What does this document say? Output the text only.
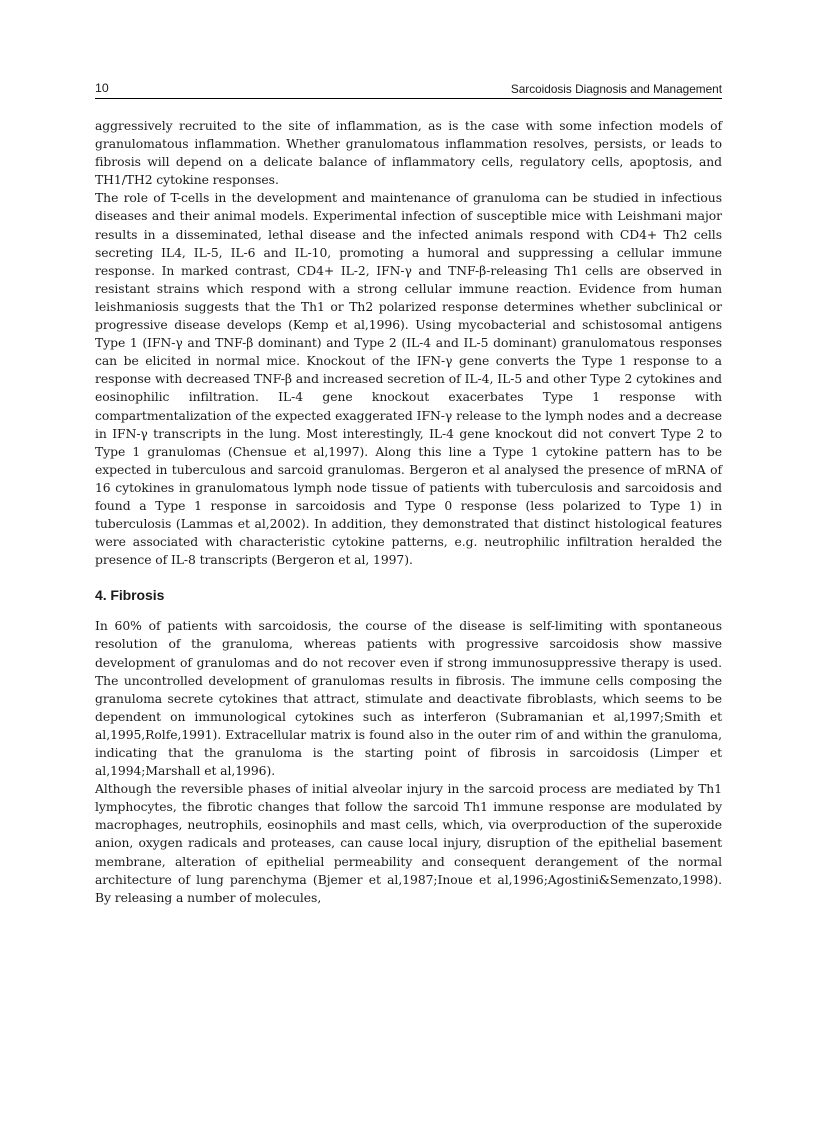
10	Sarcoidosis Diagnosis and Management

aggressively recruited to the site of inflammation, as is the case with some infection models of granulomatous inflammation. Whether granulomatous inflammation resolves, persists, or leads to fibrosis will depend on a delicate balance of inflammatory cells, regulatory cells, apoptosis, and TH1/TH2 cytokine responses.

The role of T-cells in the development and maintenance of granuloma can be studied in infectious diseases and their animal models. Experimental infection of susceptible mice with Leishmani major results in a disseminated, lethal disease and the infected animals respond with CD4+ Th2 cells secreting IL4, IL-5, IL-6 and IL-10, promoting a humoral and suppressing a cellular immune response. In marked contrast, CD4+ IL-2, IFN-γ and TNF-β-releasing Th1 cells are observed in resistant strains which respond with a strong cellular immune reaction. Evidence from human leishmaniosis suggests that the Th1 or Th2 polarized response determines whether subclinical or progressive disease develops (Kemp et al,1996). Using mycobacterial and schistosomal antigens Type 1 (IFN-γ and TNF-β dominant) and Type 2 (IL-4 and IL-5 dominant) granulomatous responses can be elicited in normal mice. Knockout of the IFN-γ gene converts the Type 1 response to a response with decreased TNF-β and increased secretion of IL-4, IL-5 and other Type 2 cytokines and eosinophilic infiltration. IL-4 gene knockout exacerbates Type 1 response with compartmentalization of the expected exaggerated IFN-γ release to the lymph nodes and a decrease in IFN-γ transcripts in the lung. Most interestingly, IL-4 gene knockout did not convert Type 2 to Type 1 granulomas (Chensue et al,1997). Along this line a Type 1 cytokine pattern has to be expected in tuberculous and sarcoid granulomas. Bergeron et al analysed the presence of mRNA of 16 cytokines in granulomatous lymph node tissue of patients with tuberculosis and sarcoidosis and found a Type 1 response in sarcoidosis and Type 0 response (less polarized to Type 1) in tuberculosis (Lammas et al,2002). In addition, they demonstrated that distinct histological features were associated with characteristic cytokine patterns, e.g. neutrophilic infiltration heralded the presence of IL-8 transcripts (Bergeron et al, 1997).

4. Fibrosis

In 60% of patients with sarcoidosis, the course of the disease is self-limiting with spontaneous resolution of the granuloma, whereas patients with progressive sarcoidosis show massive development of granulomas and do not recover even if strong immunosuppressive therapy is used. The uncontrolled development of granulomas results in fibrosis. The immune cells composing the granuloma secrete cytokines that attract, stimulate and deactivate fibroblasts, which seems to be dependent on immunological cytokines such as interferon (Subramanian et al,1997;Smith et al,1995,Rolfe,1991). Extracellular matrix is found also in the outer rim of and within the granuloma, indicating that the granuloma is the starting point of fibrosis in sarcoidosis (Limper et al,1994;Marshall et al,1996).

Although the reversible phases of initial alveolar injury in the sarcoid process are mediated by Th1 lymphocytes, the fibrotic changes that follow the sarcoid Th1 immune response are modulated by macrophages, neutrophils, eosinophils and mast cells, which, via overproduction of the superoxide anion, oxygen radicals and proteases, can cause local injury, disruption of the epithelial basement membrane, alteration of epithelial permeability and consequent derangement of the normal architecture of lung parenchyma (Bjemer et al,1987;Inoue et al,1996;Agostini&Semenzato,1998). By releasing a number of molecules,
